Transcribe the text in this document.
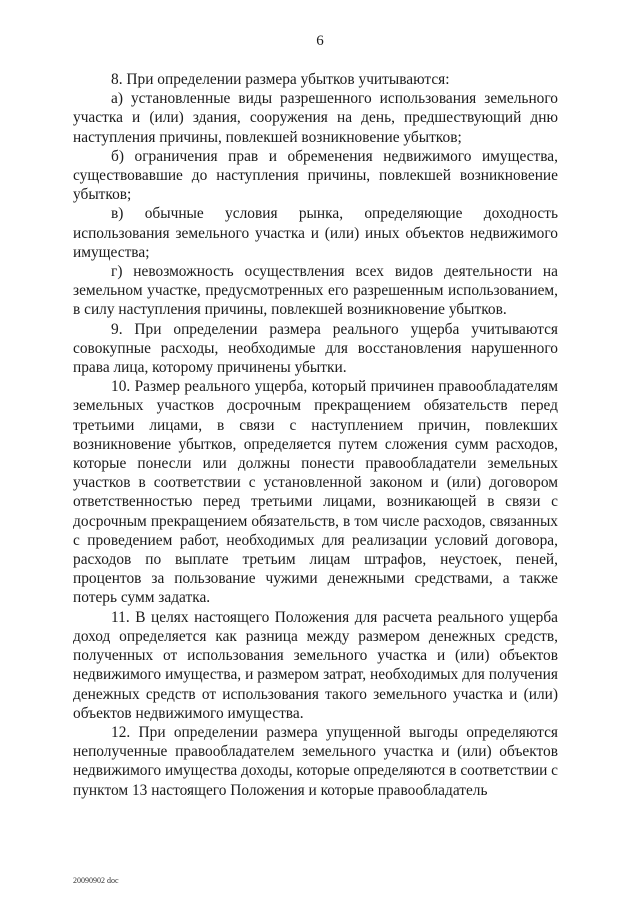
6

8. При определении размера убытков учитываются:

а) установленные виды разрешенного использования земельного участка и (или) здания, сооружения на день, предшествующий дню наступления причины, повлекшей возникновение убытков;

б) ограничения прав и обременения недвижимого имущества, существовавшие до наступления причины, повлекшей возникновение убытков;

в) обычные условия рынка, определяющие доходность использования земельного участка и (или) иных объектов недвижимого имущества;

г) невозможность осуществления всех видов деятельности на земельном участке, предусмотренных его разрешенным использованием, в силу наступления причины, повлекшей возникновение убытков.

9. При определении размера реального ущерба учитываются совокупные расходы, необходимые для восстановления нарушенного права лица, которому причинены убытки.

10. Размер реального ущерба, который причинен правообладателям земельных участков досрочным прекращением обязательств перед третьими лицами, в связи с наступлением причин, повлекших возникновение убытков, определяется путем сложения сумм расходов, которые понесли или должны понести правообладатели земельных участков в соответствии с установленной законом и (или) договором ответственностью перед третьими лицами, возникающей в связи с досрочным прекращением обязательств, в том числе расходов, связанных с проведением работ, необходимых для реализации условий договора, расходов по выплате третьим лицам штрафов, неустоек, пеней, процентов за пользование чужими денежными средствами, а также потерь сумм задатка.

11. В целях настоящего Положения для расчета реального ущерба доход определяется как разница между размером денежных средств, полученных от использования земельного участка и (или) объектов недвижимого имущества, и размером затрат, необходимых для получения денежных средств от использования такого земельного участка и (или) объектов недвижимого имущества.

12. При определении размера упущенной выгоды определяются неполученные правообладателем земельного участка и (или) объектов недвижимого имущества доходы, которые определяются в соответствии с пунктом 13 настоящего Положения и которые правообладатель

20090902 doc
